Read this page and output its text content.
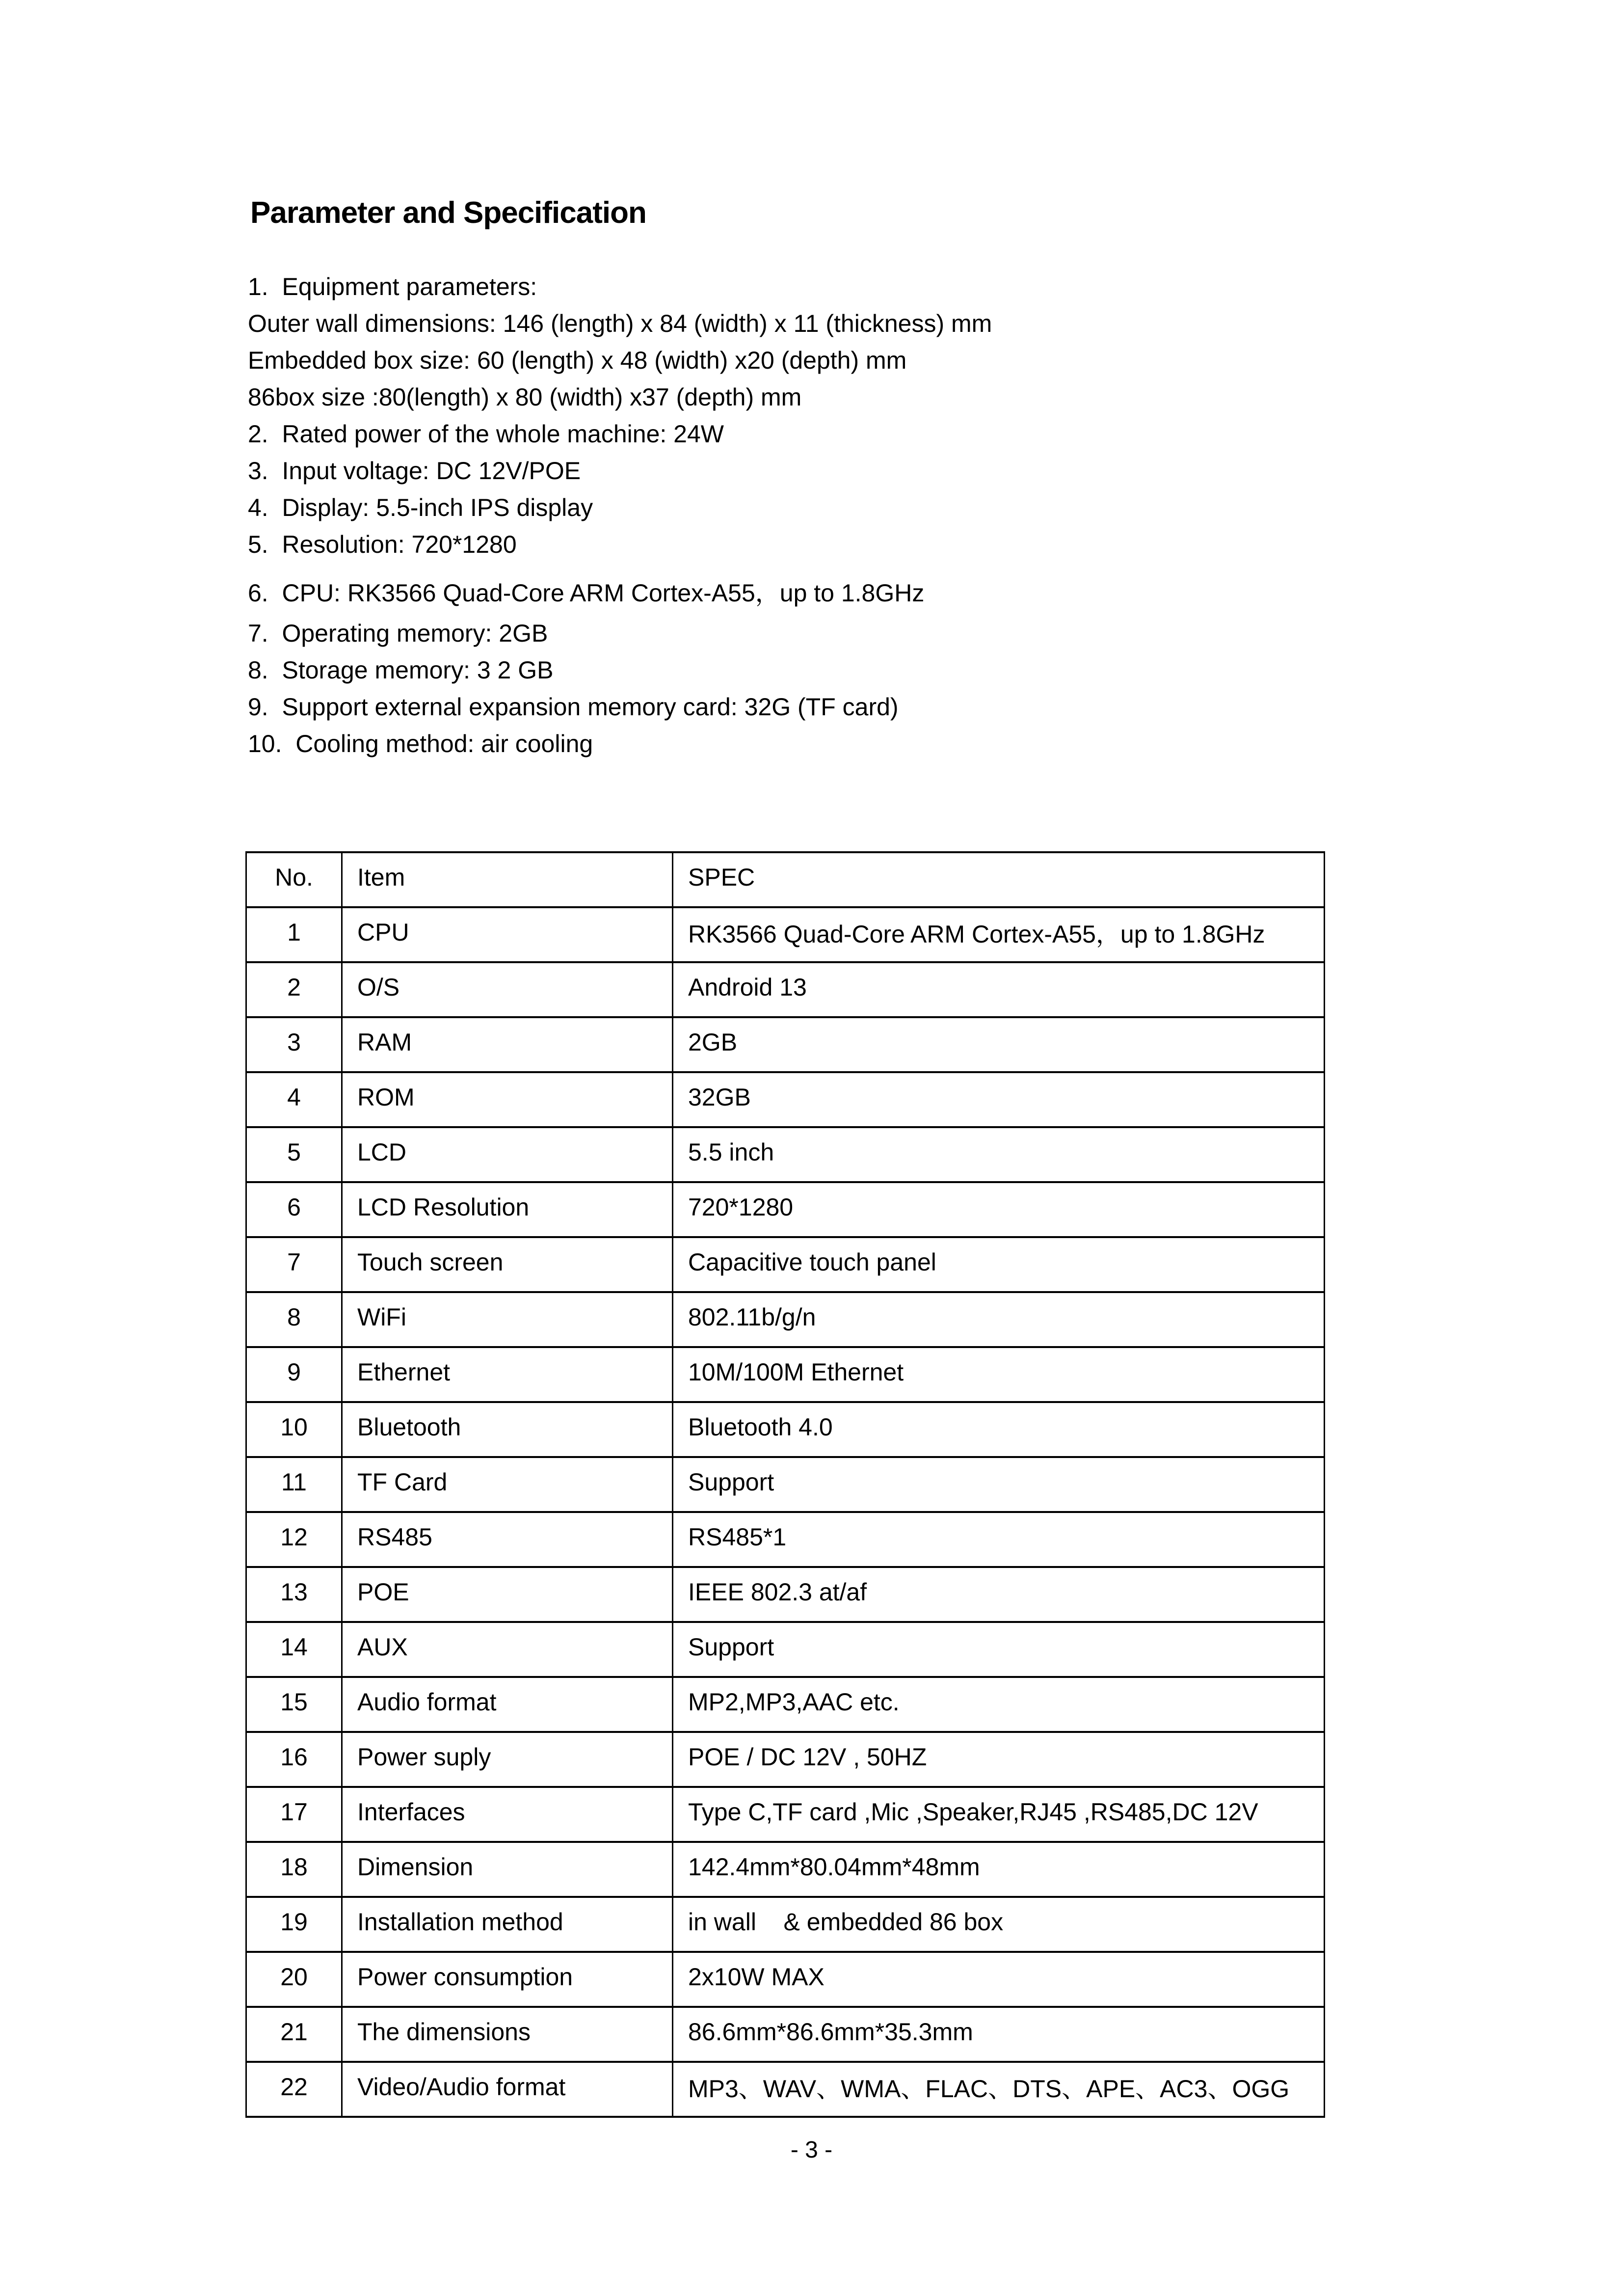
Parameter and Specification
1.  Equipment parameters:
Outer wall dimensions: 146 (length) x 84 (width) x 11 (thickness) mm
Embedded box size: 60 (length) x 48 (width) x20 (depth) mm
86box size :80(length) x 80 (width) x37 (depth) mm
2.  Rated power of the whole machine: 24W
3.  Input voltage: DC 12V/POE
4.  Display: 5.5-inch IPS display
5.  Resolution: 720*1280
6.  CPU: RK3566 Quad-Core ARM Cortex-A55，up to 1.8GHz
7.  Operating memory: 2GB
8.  Storage memory: 3 2 GB
9.  Support external expansion memory card: 32G (TF card)
10.  Cooling method: air cooling
No.	Item	SPEC
1	CPU	RK3566 Quad-Core ARM Cortex-A55，up to 1.8GHz
2	O/S	Android 13
3	RAM	2GB
4	ROM	32GB
5	LCD	5.5 inch
6	LCD Resolution	720*1280
7	Touch screen	Capacitive touch panel
8	WiFi	802.11b/g/n
9	Ethernet	10M/100M Ethernet
10	Bluetooth	Bluetooth 4.0
11	TF Card	Support
12	RS485	RS485*1
13	POE	IEEE 802.3 at/af
14	AUX	Support
15	Audio format	MP2,MP3,AAC etc.
16	Power suply	POE / DC 12V , 50HZ
17	Interfaces	Type C,TF card ,Mic ,Speaker,RJ45 ,RS485,DC 12V
18	Dimension	142.4mm*80.04mm*48mm
19	Installation method	in wall    & embedded 86 box
20	Power consumption	2x10W MAX
21	The dimensions	86.6mm*86.6mm*35.3mm
22	Video/Audio format	MP3、WAV、WMA、FLAC、DTS、APE、AC3、OGG
- 3 -
